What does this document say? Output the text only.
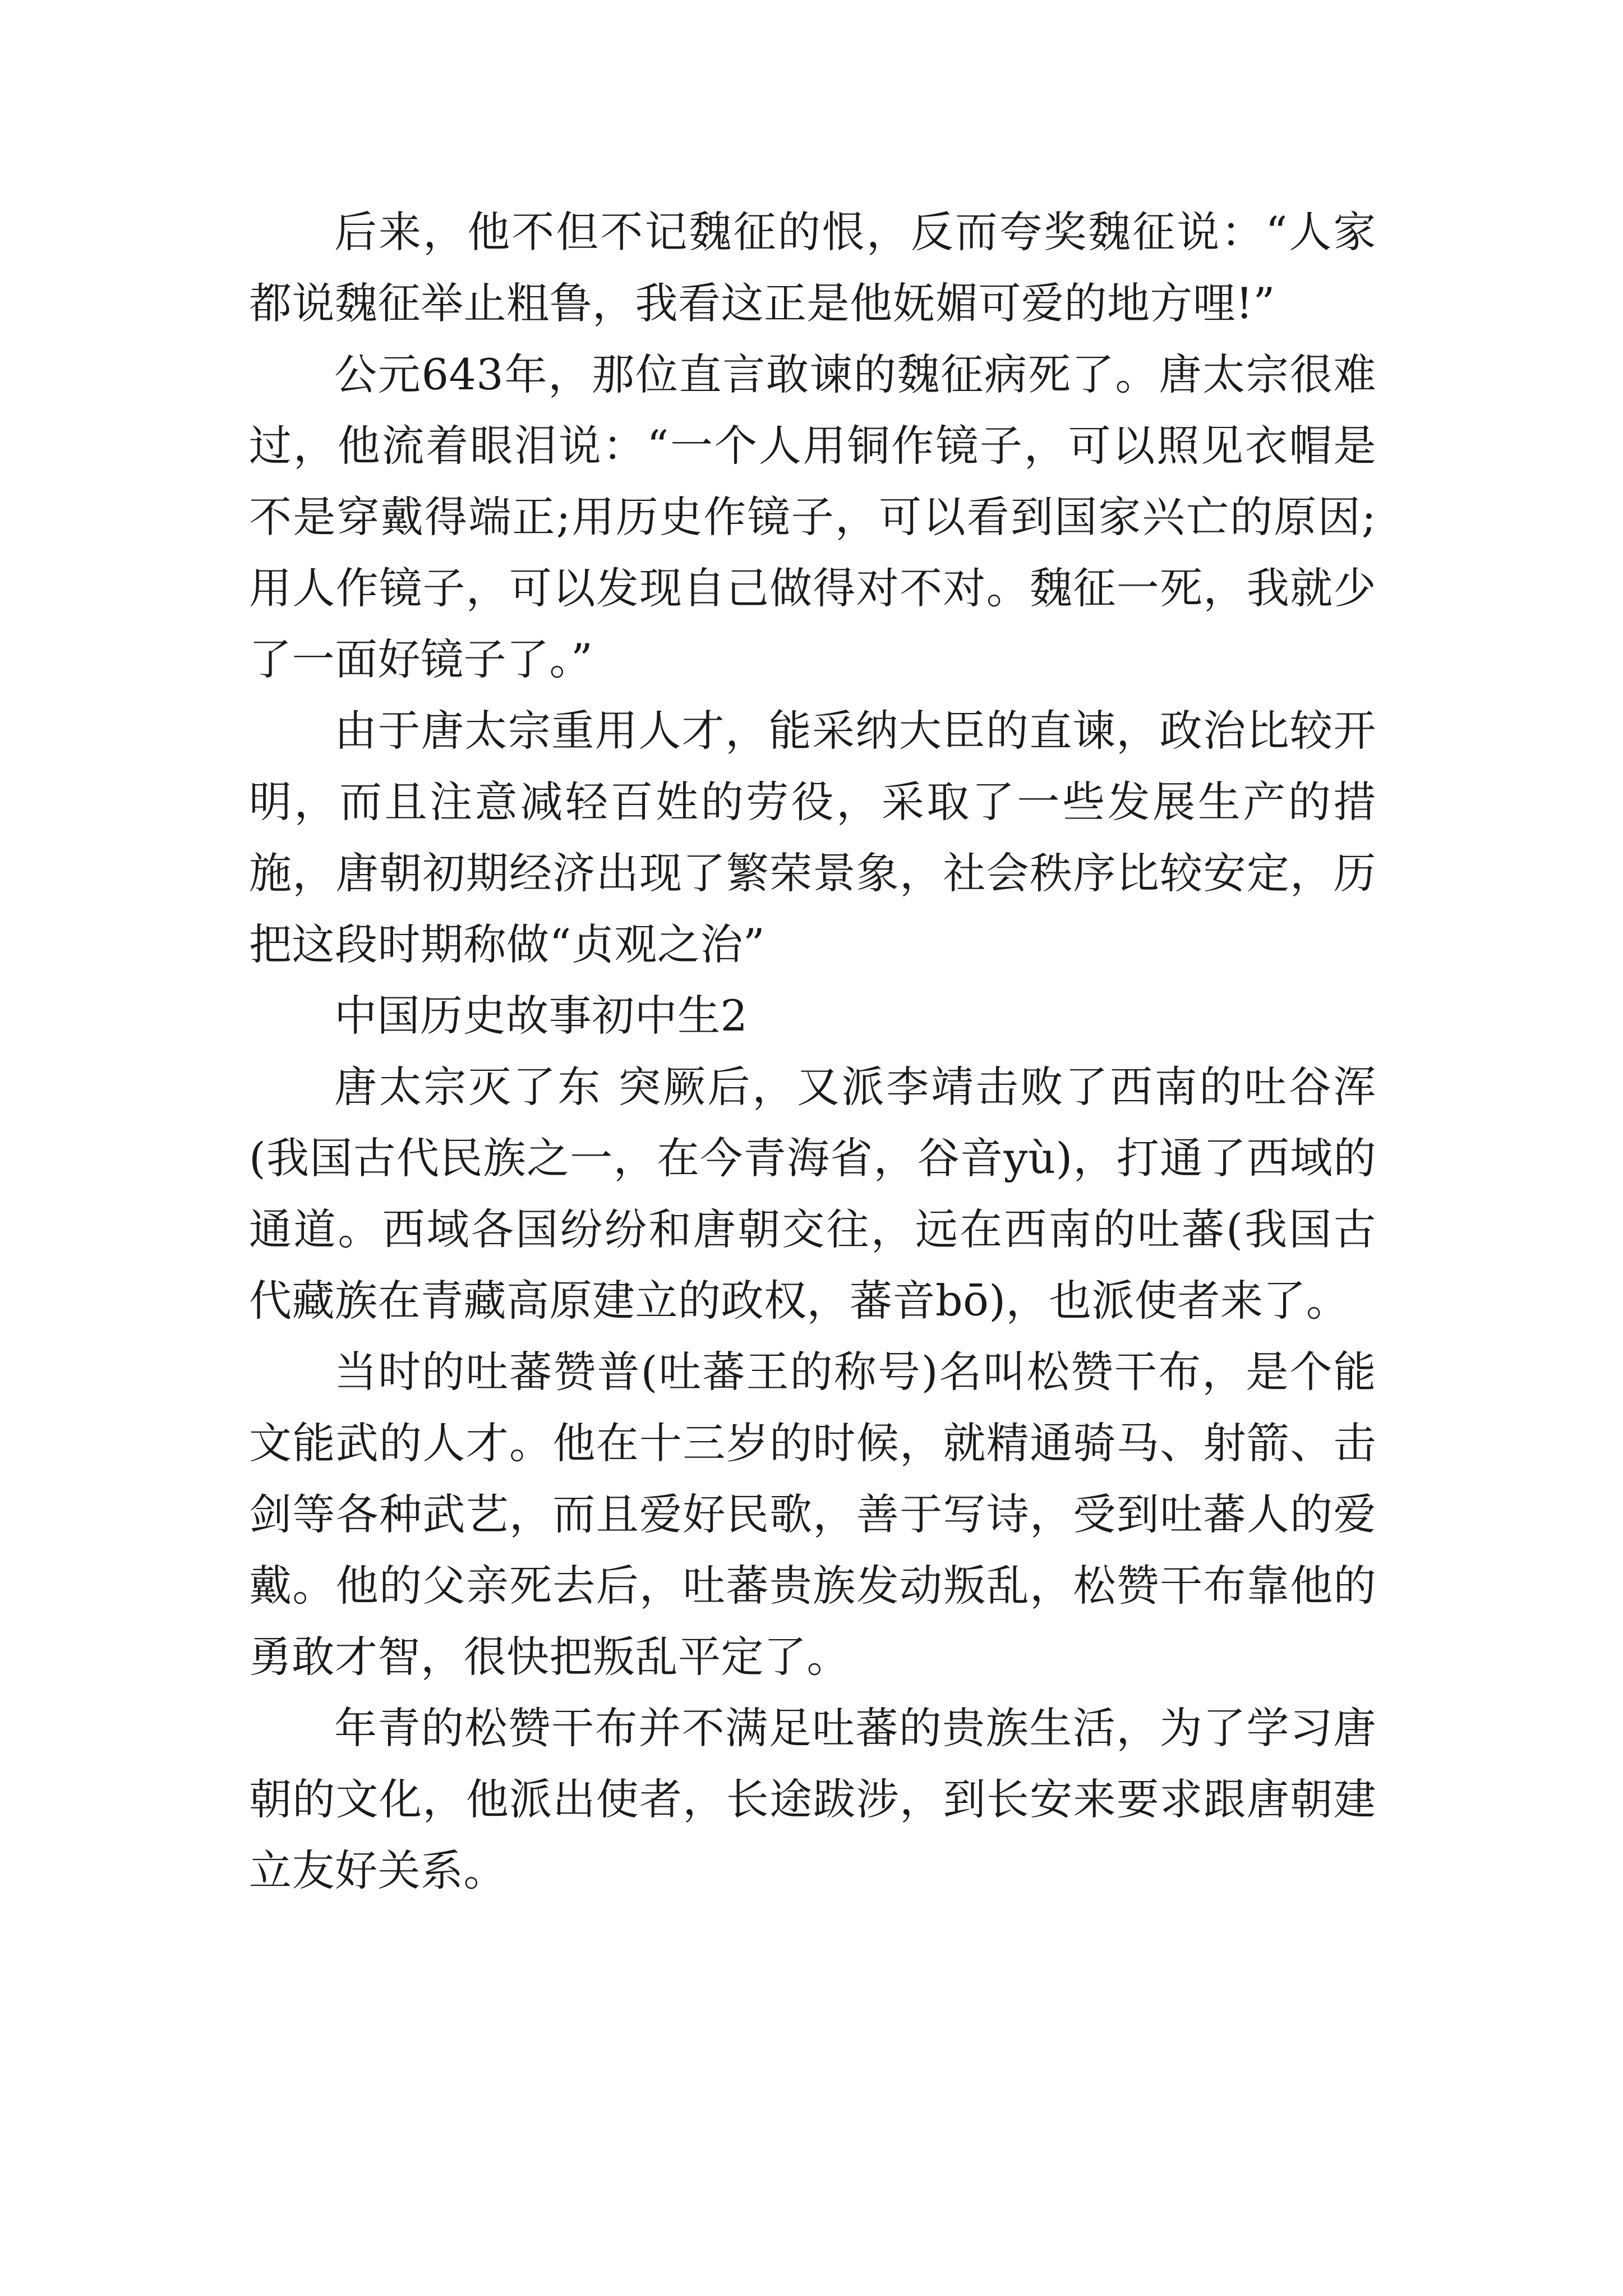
后来，他不但不记魏征的恨，反而夸奖魏征说：“人家都说魏征举止粗鲁，我看这正是他妩媚可爱的地方哩!”

公元643年，那位直言敢谏的魏征病死了。唐太宗很难过，他流着眼泪说：“一个人用铜作镜子，可以照见衣帽是不是穿戴得端正;用历史作镜子，可以看到国家兴亡的原因;用人作镜子，可以发现自己做得对不对。魏征一死，我就少了一面好镜子了。”

由于唐太宗重用人才，能采纳大臣的直谏，政治比较开明，而且注意减轻百姓的劳役，采取了一些发展生产的措施，唐朝初期经济出现了繁荣景象，社会秩序比较安定，历把这段时期称做“贞观之治”

中国历史故事初中生2

唐太宗灭了东 突厥后，又派李靖击败了西南的吐谷浑(我国古代民族之一，在今青海省，谷音yù)，打通了西域的通道。西域各国纷纷和唐朝交往，远在西南的吐蕃(我国古代藏族在青藏高原建立的政权，蕃音bō)，也派使者来了。

当时的吐蕃赞普(吐蕃王的称号)名叫松赞干布，是个能文能武的人才。他在十三岁的时候，就精通骑马、射箭、击剑等各种武艺，而且爱好民歌，善于写诗，受到吐蕃人的爱戴。他的父亲死去后，吐蕃贵族发动叛乱，松赞干布靠他的勇敢才智，很快把叛乱平定了。

年青的松赞干布并不满足吐蕃的贵族生活，为了学习唐朝的文化，他派出使者，长途跋涉，到长安来要求跟唐朝建立友好关系。
